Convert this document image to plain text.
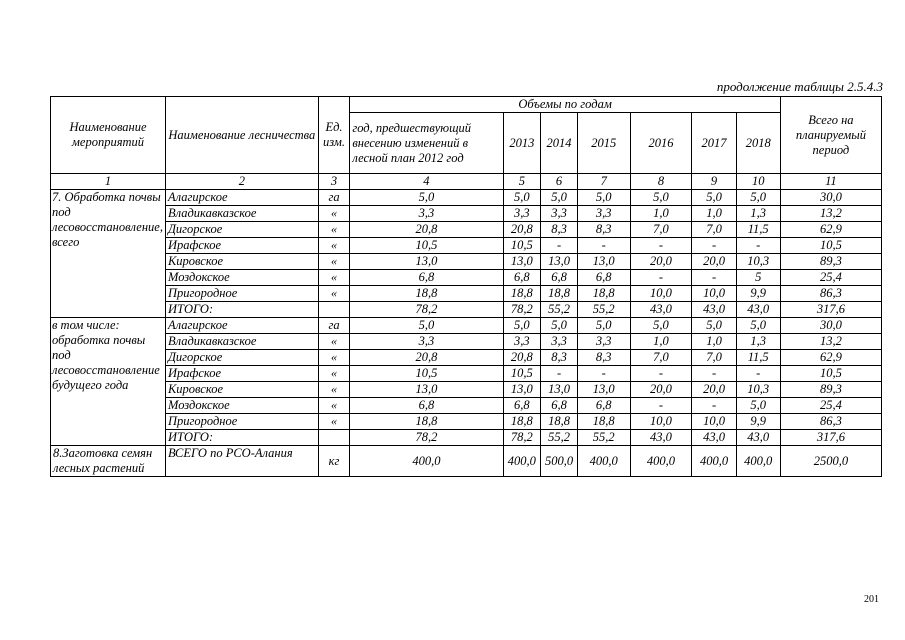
продолжение таблицы 2.5.4.3
Наименование мероприятий	Наименование лесничества	Ед. изм.	Объемы по годам							Всего на планируемый период
			год, предшествующий внесению изменений в лесной план 2012 год	2013	2014	2015	2016	2017	2018	
1	2	3	4	5	6	7	8	9	10	11
7. Обработка почвы под лесовосстановление, всего	Алагирское	га	5,0	5,0	5,0	5,0	5,0	5,0	5,0	30,0
	Владикавказское	«	3,3	3,3	3,3	3,3	1,0	1,0	1,3	13,2
	Дигорское	«	20,8	20,8	8,3	8,3	7,0	7,0	11,5	62,9
	Ирафское	«	10,5	10,5	-	-	-	-	-	10,5
	Кировское	«	13,0	13,0	13,0	13,0	20,0	20,0	10,3	89,3
	Моздокское	«	6,8	6,8	6,8	6,8	-	-	5	25,4
	Пригородное	«	18,8	18,8	18,8	18,8	10,0	10,0	9,9	86,3
	ИТОГО:		78,2	78,2	55,2	55,2	43,0	43,0	43,0	317,6
в том числе: обработка почвы под лесовосстановление будущего года	Алагирское	га	5,0	5,0	5,0	5,0	5,0	5,0	5,0	30,0
	Владикавказское	«	3,3	3,3	3,3	3,3	1,0	1,0	1,3	13,2
	Дигорское	«	20,8	20,8	8,3	8,3	7,0	7,0	11,5	62,9
	Ирафское	«	10,5	10,5	-	-	-	-	-	10,5
	Кировское	«	13,0	13,0	13,0	13,0	20,0	20,0	10,3	89,3
	Моздокское	«	6,8	6,8	6,8	6,8	-	-	5,0	25,4
	Пригородное	«	18,8	18,8	18,8	18,8	10,0	10,0	9,9	86,3
	ИТОГО:		78,2	78,2	55,2	55,2	43,0	43,0	43,0	317,6
8.Заготовка семян лесных растений	ВСЕГО по РСО-Алания	кг	400,0	400,0	500,0	400,0	400,0	400,0	400,0	2500,0
201
